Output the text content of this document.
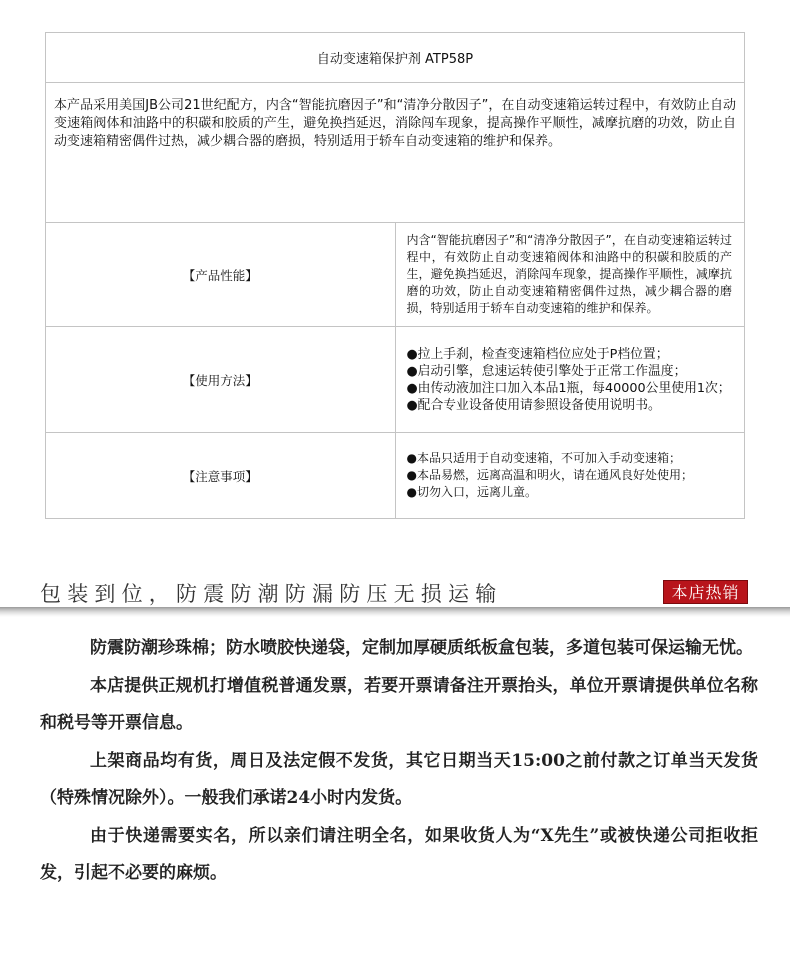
自动变速箱保护剂 ATP58P	
本产品采用美国JB公司21世纪配方，内含“智能抗磨因子”和“清净分散因子”，在自动变速箱运转过程中，有效防止自动变速箱阀体和油路中的积碳和胶质的产生，避免换挡延迟，消除闯车现象，提高操作平顺性，减摩抗磨的功效，防止自动变速箱精密偶件过热，减少耦合器的磨损，特别适用于轿车自动变速箱的维护和保养。	
【产品性能】	内含“智能抗磨因子”和“清净分散因子”，在自动变速箱运转过程中，有效防止自动变速箱阀体和油路中的积碳和胶质的产生，避免换挡延迟，消除闯车现象，提高操作平顺性，减摩抗磨的功效，防止自动变速箱精密偶件过热，减少耦合器的磨损，特别适用于轿车自动变速箱的维护和保养。
【使用方法】	●拉上手刹，检查变速箱档位应处于P档位置；
●启动引擎，怠速运转使引擎处于正常工作温度；
●由传动液加注口加入本品1瓶，每40000公里使用1次；
●配合专业设备使用请参照设备使用说明书。

【注意事项】	●本品只适用于自动变速箱，不可加入手动变速箱；
●本品易燃，远离高温和明火，请在通风良好处使用；
●切勿入口，远离儿童。
包装到位，防震防潮防漏防压无损运输	本店热销

防震防潮珍珠棉；防水喷胶快递袋，定制加厚硬质纸板盒包装，多道包装可保运输无忧。

本店提供正规机打增值税普通发票，若要开票请备注开票抬头，单位开票请提供单位名称和税号等开票信息。

上架商品均有货，周日及法定假不发货，其它日期当天15:00之前付款之订单当天发货（特殊情况除外）。一般我们承诺24小时内发货。

由于快递需要实名，所以亲们请注明全名，如果收货人为“X先生”或被快递公司拒收拒发，引起不必要的麻烦。
